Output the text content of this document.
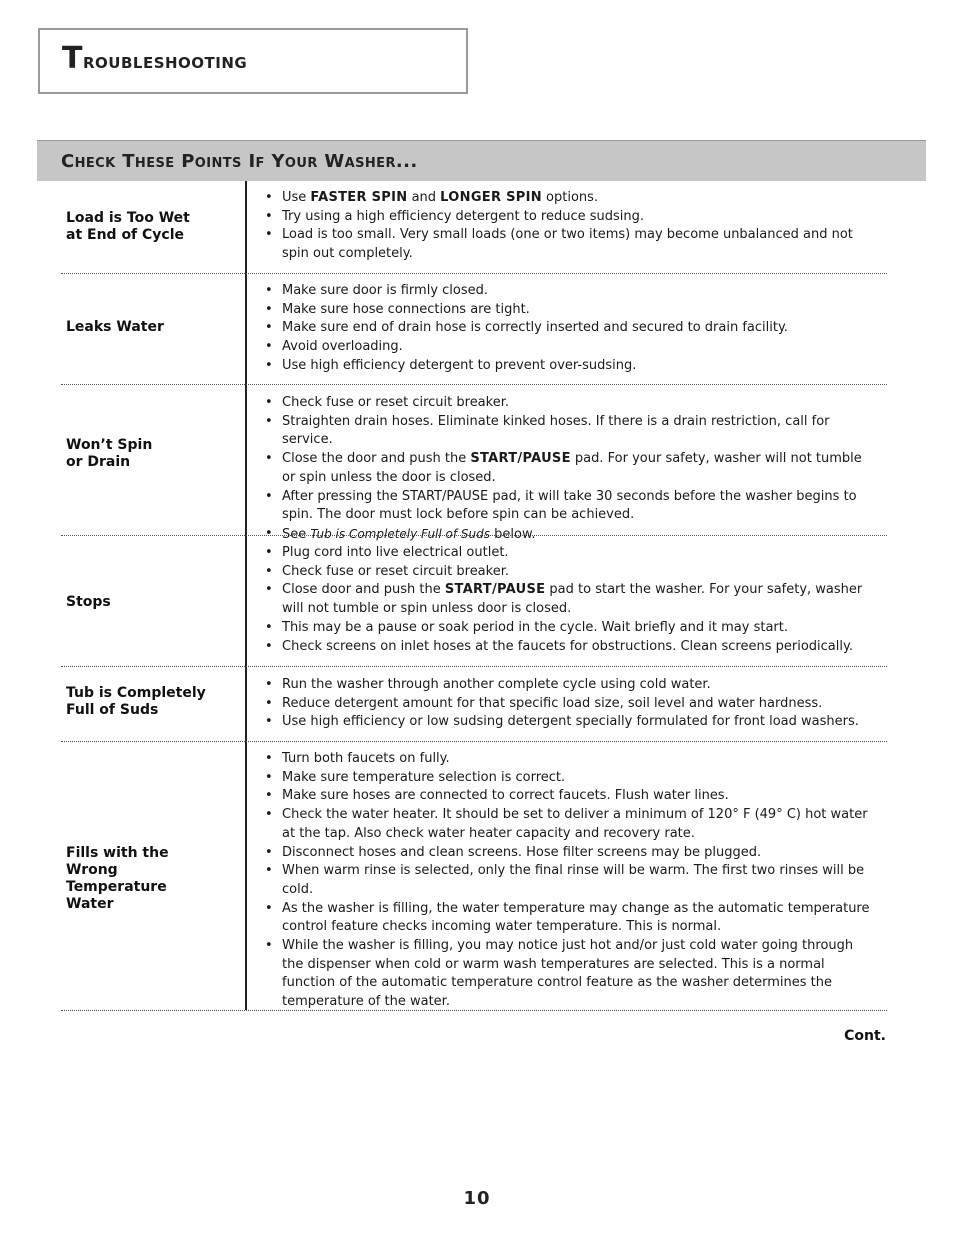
Troubleshooting
Check These Points If Your Washer...
Load is Too Wet
at End of Cycle
• Use FASTER SPIN and LONGER SPIN options.
• Try using a high efficiency detergent to reduce sudsing.
• Load is too small. Very small loads (one or two items) may become unbalanced and not spin out completely.
Leaks Water
• Make sure door is firmly closed.
• Make sure hose connections are tight.
• Make sure end of drain hose is correctly inserted and secured to drain facility.
• Avoid overloading.
• Use high efficiency detergent to prevent over-sudsing.
Won’t Spin
or Drain
• Check fuse or reset circuit breaker.
• Straighten drain hoses. Eliminate kinked hoses. If there is a drain restriction, call for service.
• Close the door and push the START/PAUSE pad. For your safety, washer will not tumble or spin unless the door is closed.
• After pressing the START/PAUSE pad, it will take 30 seconds before the washer begins to spin. The door must lock before spin can be achieved.
• See Tub is Completely Full of Suds below.
Stops
• Plug cord into live electrical outlet.
• Check fuse or reset circuit breaker.
• Close door and push the START/PAUSE pad to start the washer. For your safety, washer will not tumble or spin unless door is closed.
• This may be a pause or soak period in the cycle. Wait briefly and it may start.
• Check screens on inlet hoses at the faucets for obstructions. Clean screens periodically.
Tub is Completely
Full of Suds
• Run the washer through another complete cycle using cold water.
• Reduce detergent amount for that specific load size, soil level and water hardness.
• Use high efficiency or low sudsing detergent specially formulated for front load washers.
Fills with the
Wrong
Temperature
Water
• Turn both faucets on fully.
• Make sure temperature selection is correct.
• Make sure hoses are connected to correct faucets. Flush water lines.
• Check the water heater. It should be set to deliver a minimum of 120° F (49° C) hot water at the tap. Also check water heater capacity and recovery rate.
• Disconnect hoses and clean screens. Hose filter screens may be plugged.
• When warm rinse is selected, only the final rinse will be warm. The first two rinses will be cold.
• As the washer is filling, the water temperature may change as the automatic temperature control feature checks incoming water temperature. This is normal.
• While the washer is filling, you may notice just hot and/or just cold water going through the dispenser when cold or warm wash temperatures are selected. This is a normal function of the automatic temperature control feature as the washer determines the temperature of the water.
Cont.
10
